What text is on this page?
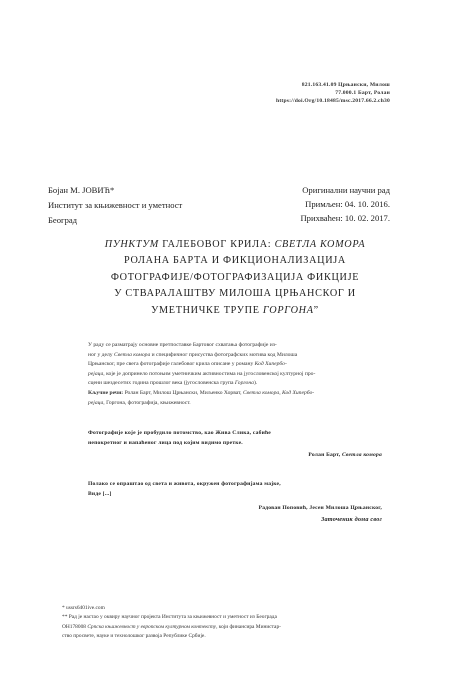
821.163.41.09 Црњански, Милош
77.000.1 Барт, Ролан
https://doi.Org/10.18485/msc.2017.66.2.ch30
Бојан М. ЈОВИЋ*
Институт за књижевност и уметност
Београд
Оригинални научни рад
Примљен: 04. 10. 2016.
Прихваћен: 10. 02. 2017.
ПУНКТУМ ГАЛЕБОВОГ КРИЛА: СВЕТЛА КОМОРА
РОЛАНА БАРТА И ФИКЦИОНАЛИЗАЦИЈА
ФОТОГРАФИЈЕ/ФОТОГРАФИЗАЦИЈА ФИКЦИЈЕ
У СТВАРАЛАШТВУ МИЛОША ЦРЊАНСКОГ И
УМЕТНИЧКЕ ТРУПЕ ГОРГОНА”
У раду се разматрају основне претпоставке Бартовог схватања фотографије из-
ног у делу Светла комора и специфичног присуства фотографских мотива код Милоша
Црњанског, пре свега фотографије галебовог крила описане у роману Код Хипербо-
рејаца, које је допринело потоњим уметничким активностима на југословенској културној про-
сцени шездесетих година прошлог века (југословенска група Горгона).
Кључне речи: Ролан Барт, Милош Црњански, Миљенко Хорват, Светла комора, Код Хипербо-
рејаца, Горгона, фотографија, књижевност.
Фотографије које је пробудило потомство, као Жива Слика, сабиће
непокретног и напаћеног лица под којим видимо претке.
Ролан Барт, Светла комора
Полако се опраштао од света и живота, окружен фотографијама мајке,
Виде [...]
Радован Поповић, Јесен Милоша Црњанског,
Заточеник дома свог
* ussrs6401ive.com
** Рад је настао у оквиру научног пројекта Института за књижевност и уметност из Београда
ОН178008 Српска књижевност у европском културном контексту, који финансира Министар-
ство просвете, науке и технолошког развоја Републике Србије.
